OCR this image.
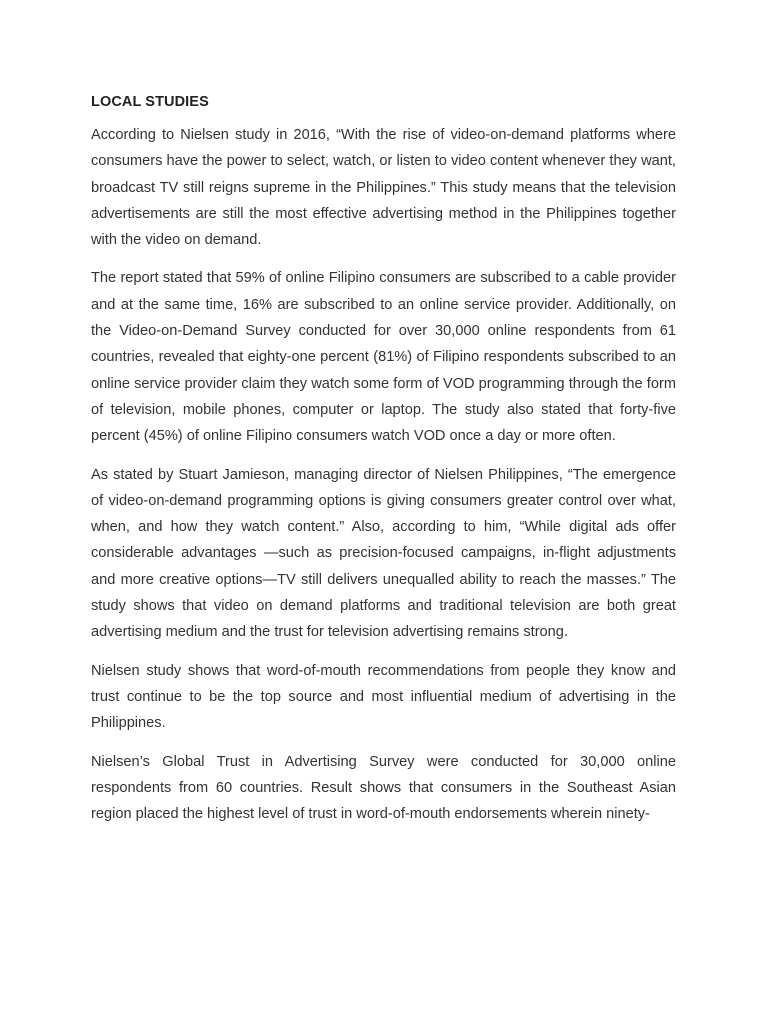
LOCAL STUDIES

According to Nielsen study in 2016, “With the rise of video-on-demand platforms where consumers have the power to select, watch, or listen to video content whenever they want, broadcast TV still reigns supreme in the Philippines.” This study means that the television advertisements are still the most effective advertising method in the Philippines together with the video on demand.

The report stated that 59% of online Filipino consumers are subscribed to a cable provider and at the same time, 16% are subscribed to an online service provider. Additionally, on the Video-on-Demand Survey conducted for over 30,000 online respondents from 61 countries, revealed that eighty-one percent (81%) of Filipino respondents subscribed to an online service provider claim they watch some form of VOD programming through the form of television, mobile phones, computer or laptop. The study also stated that forty-five percent (45%) of online Filipino consumers watch VOD once a day or more often.

As stated by Stuart Jamieson, managing director of Nielsen Philippines, “The emergence of video-on-demand programming options is giving consumers greater control over what, when, and how they watch content.” Also, according to him, “While digital ads offer considerable advantages —such as precision-focused campaigns, in-flight adjustments and more creative options—TV still delivers unequalled ability to reach the masses.” The study shows that video on demand platforms and traditional television are both great advertising medium and the trust for television advertising remains strong.

Nielsen study shows that word-of-mouth recommendations from people they know and trust continue to be the top source and most influential medium of advertising in the Philippines.

Nielsen’s Global Trust in Advertising Survey were conducted for 30,000 online respondents from 60 countries. Result shows that consumers in the Southeast Asian region placed the highest level of trust in word-of-mouth endorsements wherein ninety-
